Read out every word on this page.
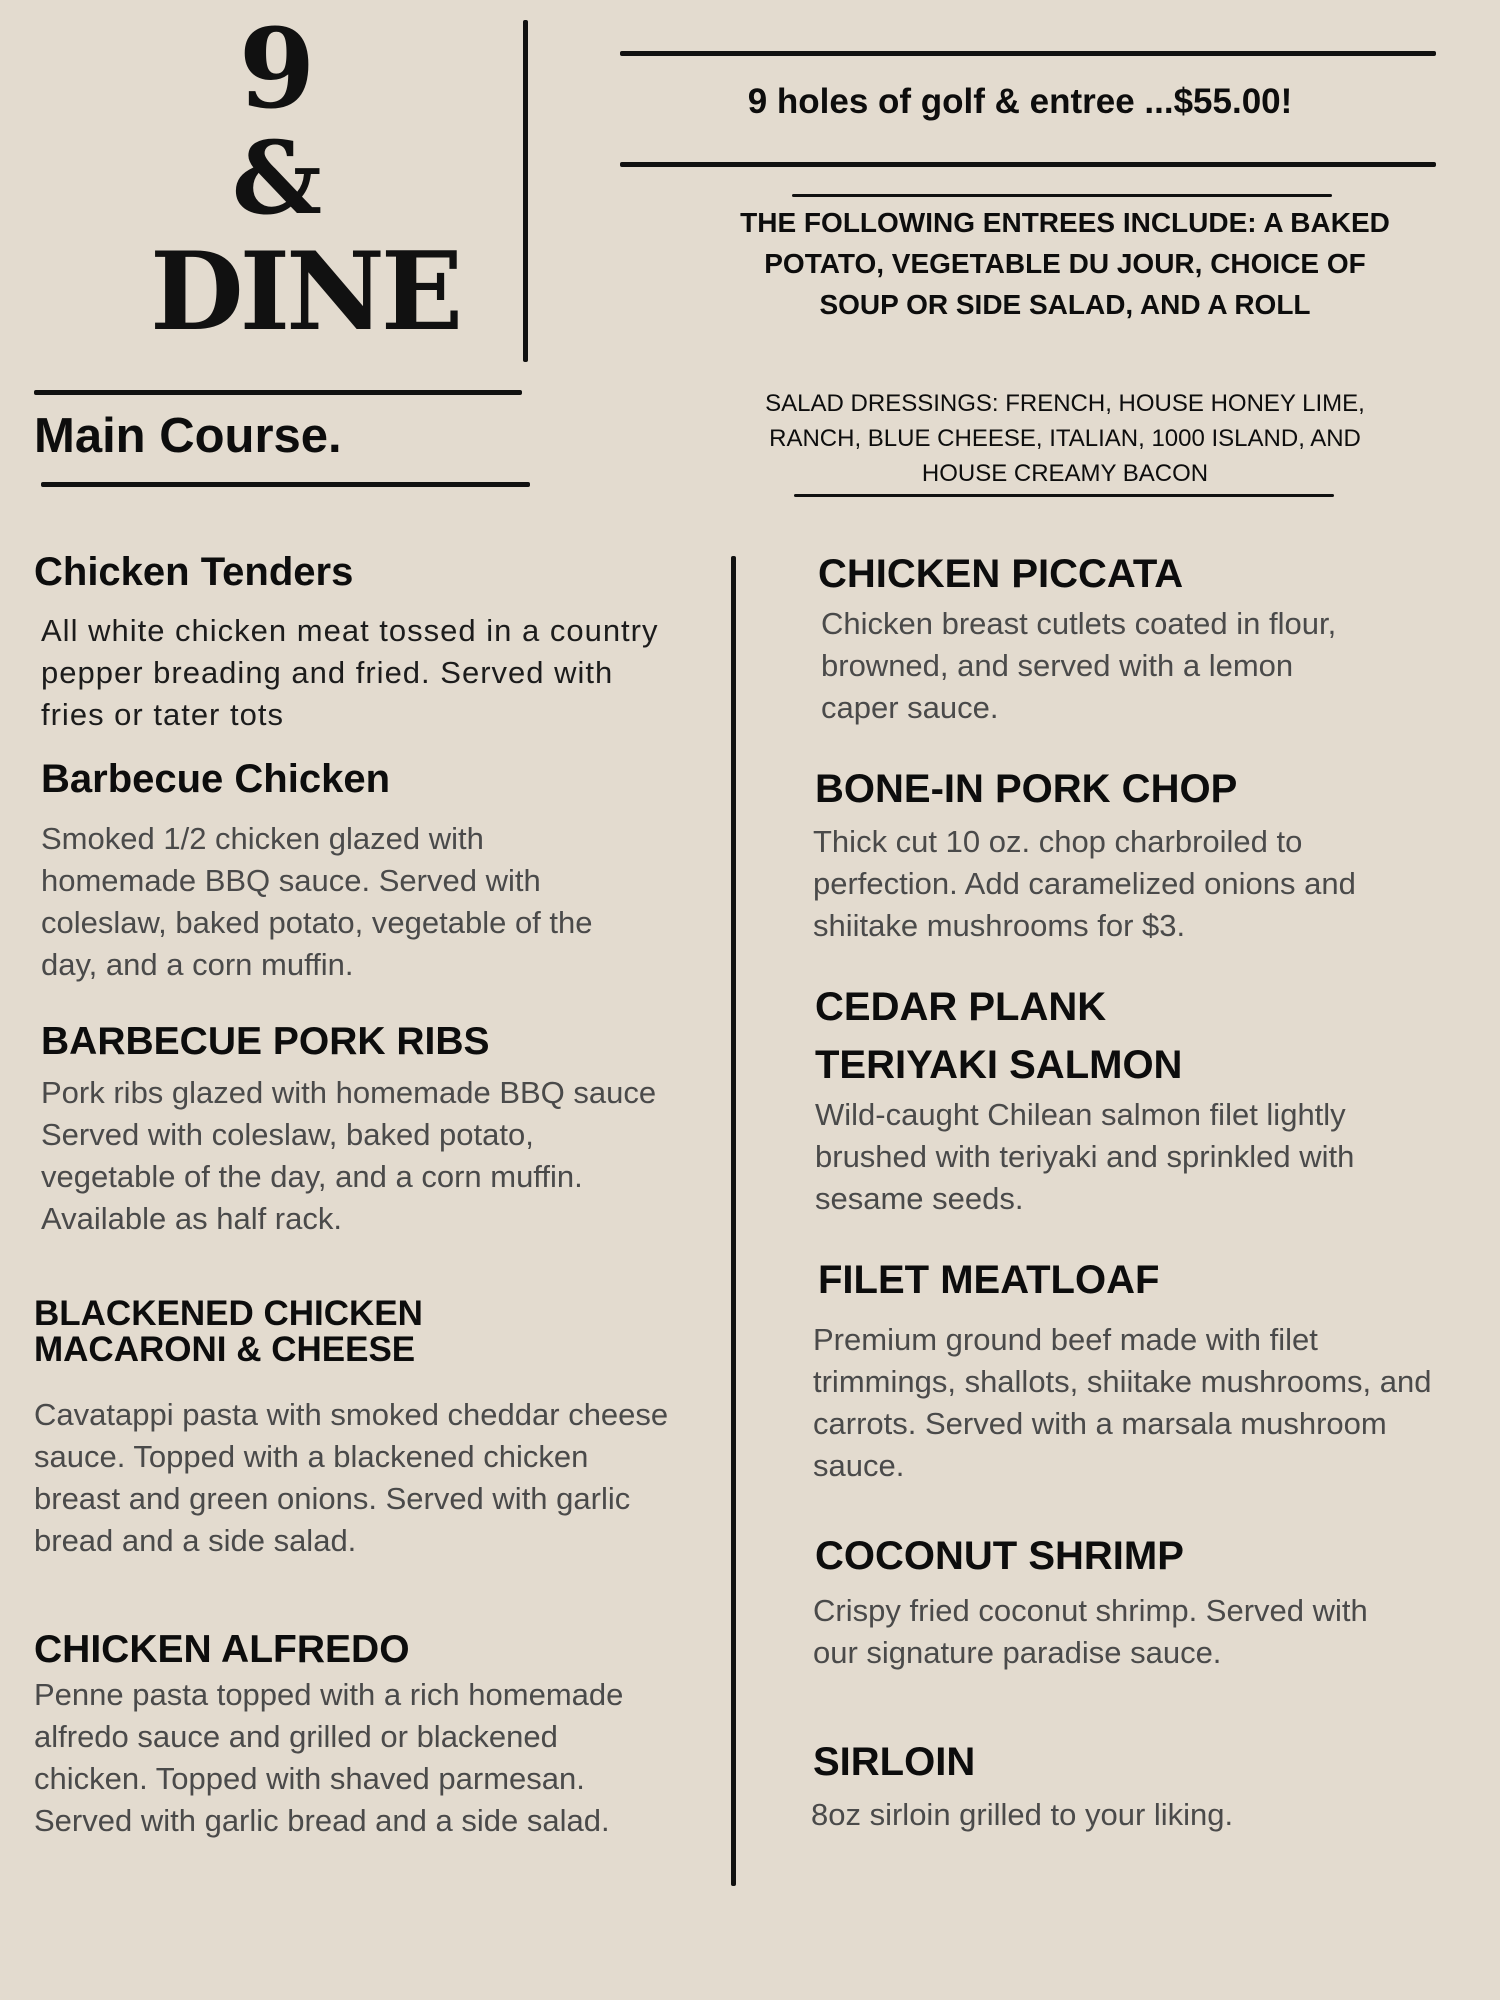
9
&
DINE
9 holes of golf & entree ...$55.00!
THE FOLLOWING ENTREES INCLUDE: A BAKED POTATO, VEGETABLE DU JOUR, CHOICE OF SOUP OR SIDE SALAD, AND A ROLL
SALAD DRESSINGS: FRENCH, HOUSE HONEY LIME, RANCH, BLUE CHEESE, ITALIAN, 1000 ISLAND, AND HOUSE CREAMY BACON
Main Course.
Chicken Tenders
All white chicken meat tossed in a country pepper breading and fried. Served with fries or tater tots
Barbecue Chicken
Smoked 1/2 chicken glazed with homemade BBQ sauce. Served with coleslaw, baked potato, vegetable of the day, and a corn muffin.
BARBECUE PORK RIBS
Pork ribs glazed with homemade BBQ sauce Served with coleslaw, baked potato, vegetable of the day, and a corn muffin. Available as half rack.
BLACKENED CHICKEN
MACARONI & CHEESE
Cavatappi pasta with smoked cheddar cheese sauce. Topped with a blackened chicken breast and green onions. Served with garlic bread and a side salad.
CHICKEN ALFREDO
Penne pasta topped with a rich homemade alfredo sauce and grilled or blackened chicken. Topped with shaved parmesan. Served with garlic bread and a side salad.
CHICKEN PICCATA
Chicken breast cutlets coated in flour, browned, and served with a lemon caper sauce.
BONE-IN PORK CHOP
Thick cut 10 oz. chop charbroiled to perfection. Add caramelized onions and shiitake mushrooms for $3.
CEDAR PLANK
TERIYAKI SALMON
Wild-caught Chilean salmon filet lightly brushed with teriyaki and sprinkled with sesame seeds.
FILET MEATLOAF
Premium ground beef made with filet trimmings, shallots, shiitake mushrooms, and carrots. Served with a marsala mushroom sauce.
COCONUT SHRIMP
Crispy fried coconut shrimp. Served with our signature paradise sauce.
SIRLOIN
8oz sirloin grilled to your liking.
